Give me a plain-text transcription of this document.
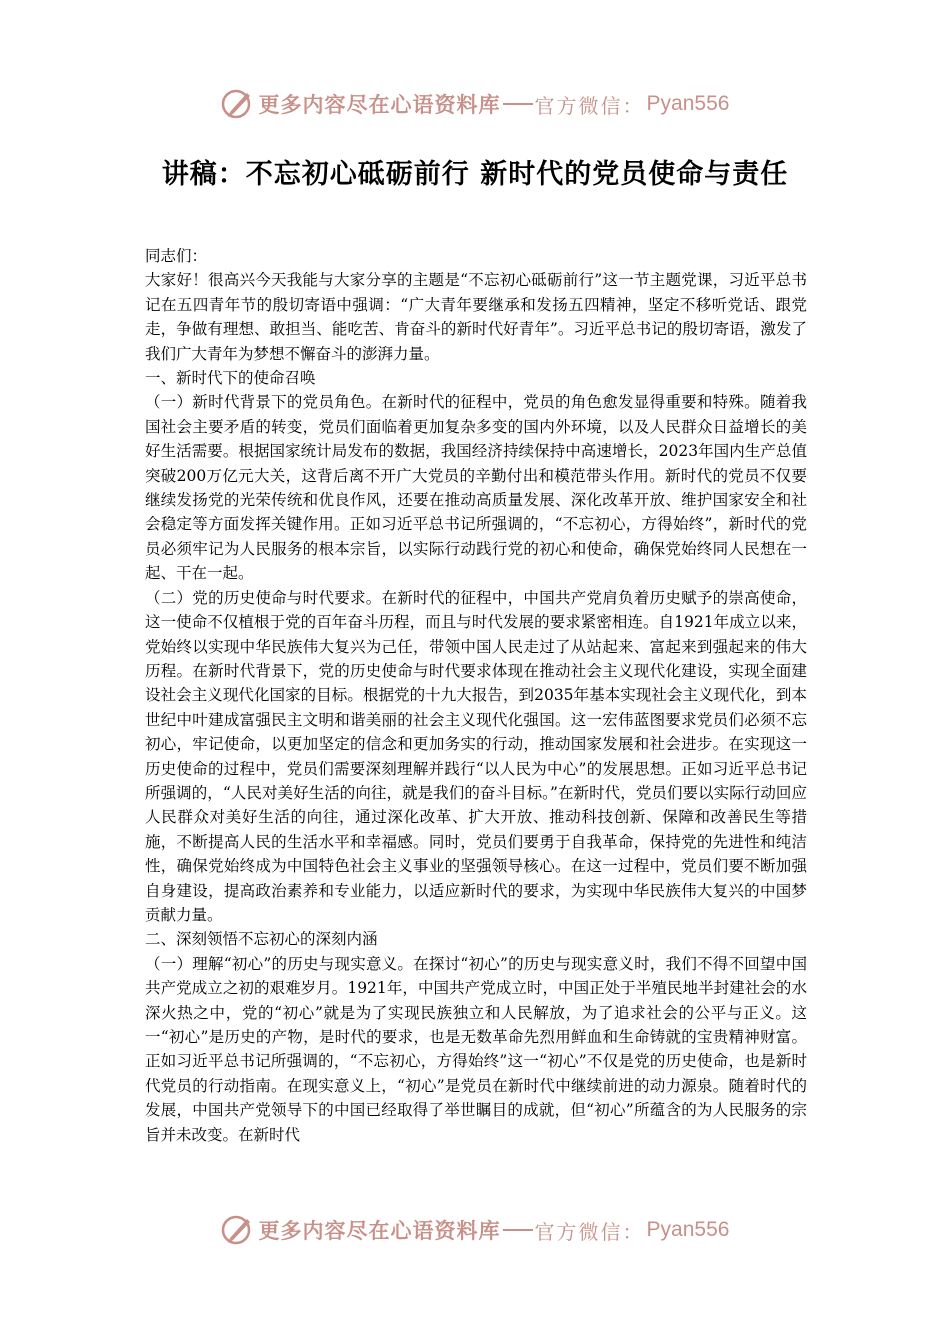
更多内容尽在心语资料库 官方微信： Pyan556
讲稿：不忘初心砥砺前行 新时代的党员使命与责任

同志们：

大家好！很高兴今天我能与大家分享的主题是“不忘初心砥砺前行”这一节主题党课，习近平总书记在五四青年节的殷切寄语中强调：“广大青年要继承和发扬五四精神，坚定不移听党话、跟党走，争做有理想、敢担当、能吃苦、肯奋斗的新时代好青年”。习近平总书记的殷切寄语，激发了我们广大青年为梦想不懈奋斗的澎湃力量。

一、新时代下的使命召唤

（一）新时代背景下的党员角色。在新时代的征程中，党员的角色愈发显得重要和特殊。随着我国社会主要矛盾的转变，党员们面临着更加复杂多变的国内外环境，以及人民群众日益增长的美好生活需要。根据国家统计局发布的数据，我国经济持续保持中高速增长，2023年国内生产总值突破200万亿元大关，这背后离不开广大党员的辛勤付出和模范带头作用。新时代的党员不仅要继续发扬党的光荣传统和优良作风，还要在推动高质量发展、深化改革开放、维护国家安全和社会稳定等方面发挥关键作用。正如习近平总书记所强调的，“不忘初心，方得始终”，新时代的党员必须牢记为人民服务的根本宗旨，以实际行动践行党的初心和使命，确保党始终同人民想在一起、干在一起。

（二）党的历史使命与时代要求。在新时代的征程中，中国共产党肩负着历史赋予的崇高使命，这一使命不仅植根于党的百年奋斗历程，而且与时代发展的要求紧密相连。自1921年成立以来，党始终以实现中华民族伟大复兴为己任，带领中国人民走过了从站起来、富起来到强起来的伟大历程。在新时代背景下，党的历史使命与时代要求体现在推动社会主义现代化建设，实现全面建设社会主义现代化国家的目标。根据党的十九大报告，到2035年基本实现社会主义现代化，到本世纪中叶建成富强民主文明和谐美丽的社会主义现代化强国。这一宏伟蓝图要求党员们必须不忘初心，牢记使命，以更加坚定的信念和更加务实的行动，推动国家发展和社会进步。在实现这一历史使命的过程中，党员们需要深刻理解并践行“以人民为中心”的发展思想。正如习近平总书记所强调的，“人民对美好生活的向往，就是我们的奋斗目标。”在新时代，党员们要以实际行动回应人民群众对美好生活的向往，通过深化改革、扩大开放、推动科技创新、保障和改善民生等措施，不断提高人民的生活水平和幸福感。同时，党员们要勇于自我革命，保持党的先进性和纯洁性，确保党始终成为中国特色社会主义事业的坚强领导核心。在这一过程中，党员们要不断加强自身建设，提高政治素养和专业能力，以适应新时代的要求，为实现中华民族伟大复兴的中国梦贡献力量。

二、深刻领悟不忘初心的深刻内涵

（一）理解“初心”的历史与现实意义。在探讨“初心”的历史与现实意义时，我们不得不回望中国共产党成立之初的艰难岁月。1921年，中国共产党成立时，中国正处于半殖民地半封建社会的水深火热之中，党的“初心”就是为了实现民族独立和人民解放，为了追求社会的公平与正义。这一“初心”是历史的产物，是时代的要求，也是无数革命先烈用鲜血和生命铸就的宝贵精神财富。正如习近平总书记所强调的，“不忘初心，方得始终”这一“初心”不仅是党的历史使命，也是新时代党员的行动指南。在现实意义上，“初心”是党员在新时代中继续前进的动力源泉。随着时代的发展，中国共产党领导下的中国已经取得了举世瞩目的成就，但“初心”所蕴含的为人民服务的宗旨并未改变。在新时代

更多内容尽在心语资料库 官方微信： Pyan556
